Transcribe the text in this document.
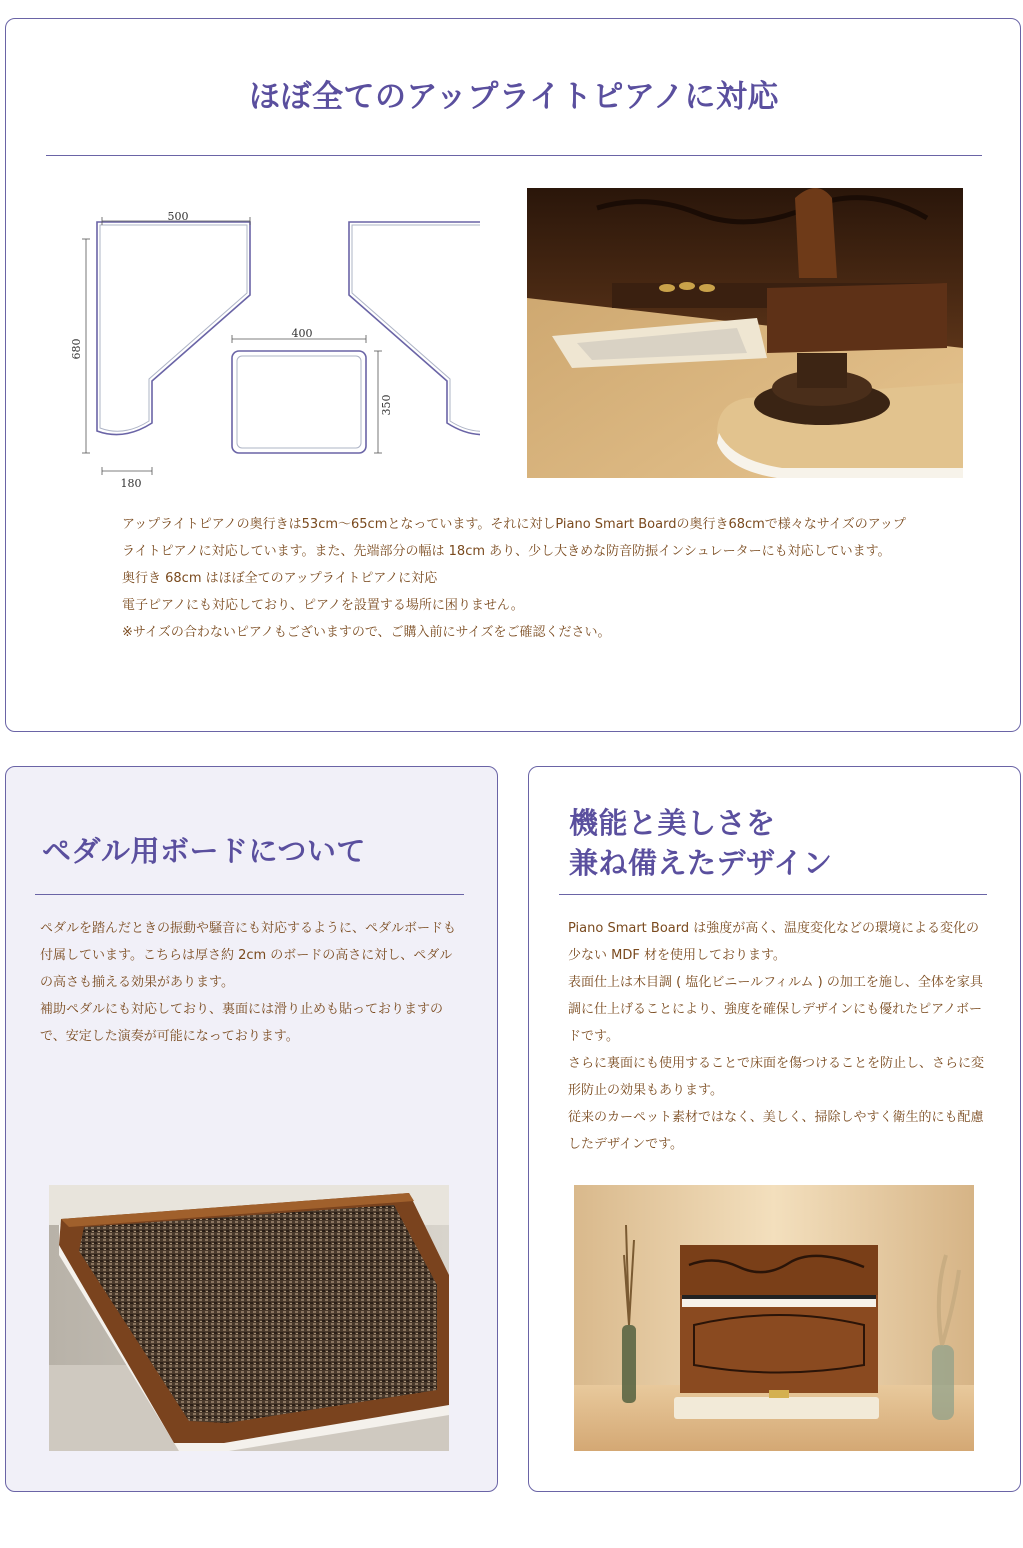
ほぼ全てのアップライトピアノに対応
500
680
180
400
350

アップライトピアノの奥行きは53cm〜65cmとなっています。それに対しPiano Smart Boardの奥行き68cmで様々なサイズのアップライトピアノに対応しています。また、先端部分の幅は 18cm あり、少し大きめな防音防振インシュレーターにも対応しています。

奥行き 68cm はほぼ全てのアップライトピアノに対応

電子ピアノにも対応しており、ピアノを設置する場所に困りません。

※サイズの合わないピアノもございますので、ご購入前にサイズをご確認ください。

ペダル用ボードについて

ペダルを踏んだときの振動や騒音にも対応するように、ペダルボードも付属しています。こちらは厚さ約 2cm のボードの高さに対し、ペダルの高さも揃える効果があります。

補助ペダルにも対応しており、裏面には滑り止めも貼っておりますので、安定した演奏が可能になっております。

機能と美しさを
兼ね備えたデザイン

Piano Smart Board は強度が高く、温度変化などの環境による変化の少ない MDF 材を使用しております。

表面仕上は木目調 ( 塩化ビニールフィルム ) の加工を施し、全体を家具調に仕上げることにより、強度を確保しデザインにも優れたピアノボードです。

さらに裏面にも使用することで床面を傷つけることを防止し、さらに変形防止の効果もあります。

従来のカーペット素材ではなく、美しく、掃除しやすく衛生的にも配慮したデザインです。
